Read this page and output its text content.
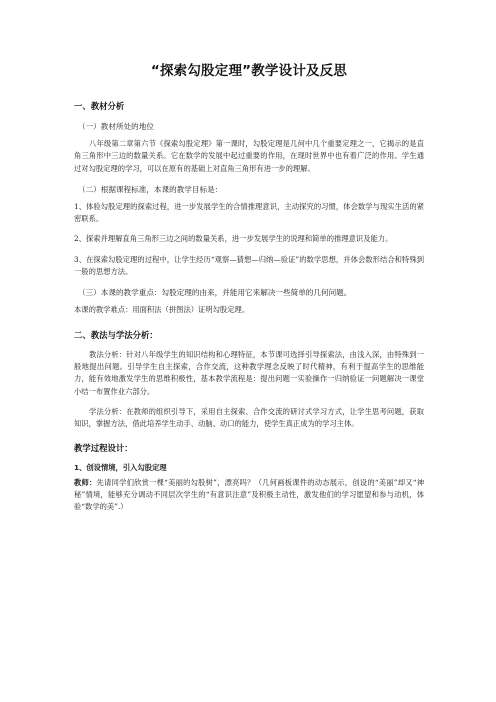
“探索勾股定理”教学设计及反思
一、教材分析
（一）教材所处的地位
八年级第二章第六节《探索勾股定理》第一课时，勾股定理是几何中几个重要定理之一，它揭示的是直角三角形中三边的数量关系。它在数学的发展中起过重要的作用，在现时世界中也有着广泛的作用。学生通过对勾股定理的学习，可以在原有的基础上对直角三角形有进一步的理解。
（二）根据课程标准，本课的教学目标是：
1、体验勾股定理的探索过程，进一步发展学生的合情推理意识，主动探究的习惯，体会数学与现实生活的紧密联系。
2、探索并理解直角三角形三边之间的数量关系，进一步发展学生的说理和简单的推理意识及能力。
3、在探索勾股定理的过程中，让学生经历“观察—猜想—归纳—验证”的数学思想，并体会数形结合和特殊到一般的思想方法。
（三）本课的教学重点：勾股定理的由来，并能用它来解决一些简单的几何问题。
本课的教学难点：用面积法（拼图法）证明勾股定理。
二、教法与学法分析：
教法分析：针对八年级学生的知识结构和心理特征，本节课可选择引导探索法，由浅入深，由特殊到一般地提出问题。引导学生自主探索，合作交流，这种教学理念反映了时代精神，有利于提高学生的思维能力，能有效地激发学生的思维积极性，基本教学流程是：提出问题一实验操作一归纳验证一问题解决一课堂小结一布置作业六部分。
学法分析：在教师的组织引导下，采用自主探索、合作交流的研讨式学习方式，让学生思考问题，获取知识，掌握方法，借此培养学生动手、动脑、动口的能力，使学生真正成为的学习主体。
教学过程设计：
1、创设情境，引入勾股定理
教师：先请同学们欣赏一棵“美丽的勾股树”，漂亮吗？（几何画板课件的动态展示，创设的“美丽”却又“神秘”情境，能够充分调动不同层次学生的“有意识注意”及积极主动性，激发他们的学习愿望和参与动机，体验“数学的美”.）
